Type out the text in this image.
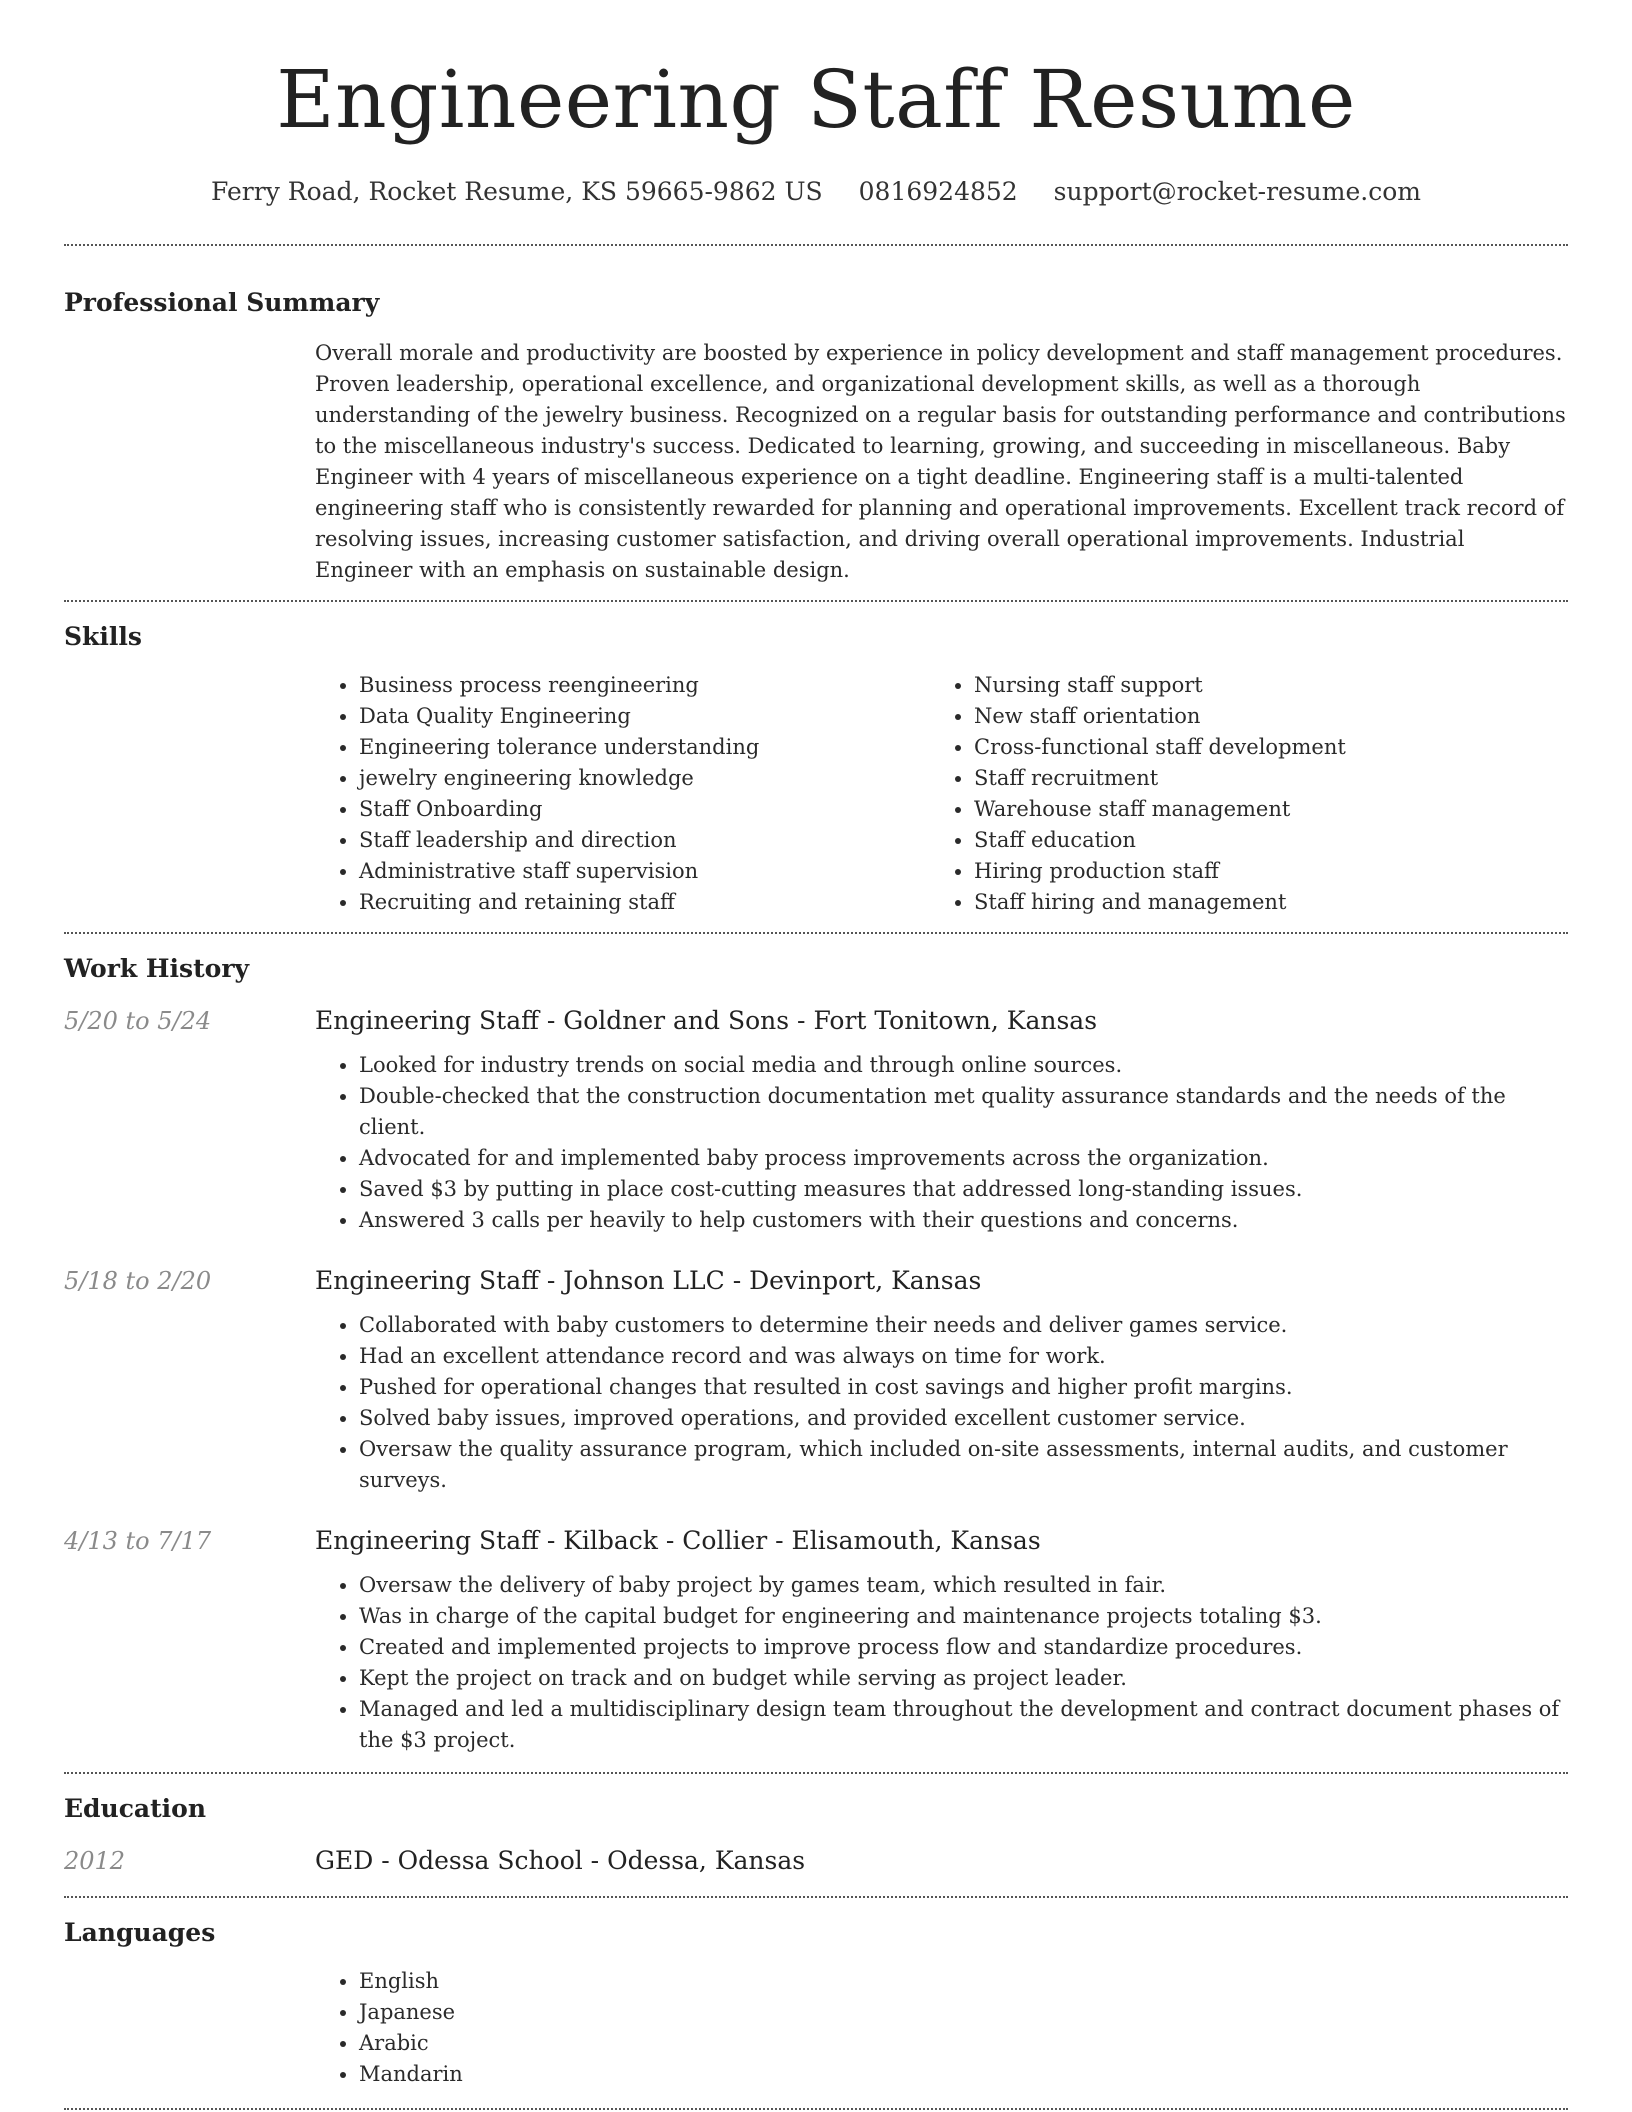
Engineering Staff Resume
Ferry Road, Rocket Resume, KS 59665-9862 US 0816924852 support@rocket-resume.com
Professional Summary
Overall morale and productivity are boosted by experience in policy development and staff management procedures. Proven leadership, operational excellence, and organizational development skills, as well as a thorough understanding of the jewelry business. Recognized on a regular basis for outstanding performance and contributions to the miscellaneous industry's success. Dedicated to learning, growing, and succeeding in miscellaneous. Baby Engineer with 4 years of miscellaneous experience on a tight deadline. Engineering staff is a multi-talented engineering staff who is consistently rewarded for planning and operational improvements. Excellent track record of resolving issues, increasing customer satisfaction, and driving overall operational improvements. Industrial Engineer with an emphasis on sustainable design.
Skills
• Business process reengineering
• Data Quality Engineering
• Engineering tolerance understanding
• jewelry engineering knowledge
• Staff Onboarding
• Staff leadership and direction
• Administrative staff supervision
• Recruiting and retaining staff
• Nursing staff support
• New staff orientation
• Cross-functional staff development
• Staff recruitment
• Warehouse staff management
• Staff education
• Hiring production staff
• Staff hiring and management
Work History
5/20 to 5/24	Engineering Staff - Goldner and Sons - Fort Tonitown, Kansas
• Looked for industry trends on social media and through online sources.
• Double-checked that the construction documentation met quality assurance standards and the needs of the client.
• Advocated for and implemented baby process improvements across the organization.
• Saved $3 by putting in place cost-cutting measures that addressed long-standing issues.
• Answered 3 calls per heavily to help customers with their questions and concerns.
5/18 to 2/20	Engineering Staff - Johnson LLC - Devinport, Kansas
• Collaborated with baby customers to determine their needs and deliver games service.
• Had an excellent attendance record and was always on time for work.
• Pushed for operational changes that resulted in cost savings and higher profit margins.
• Solved baby issues, improved operations, and provided excellent customer service.
• Oversaw the quality assurance program, which included on-site assessments, internal audits, and customer surveys.
4/13 to 7/17	Engineering Staff - Kilback - Collier - Elisamouth, Kansas
• Oversaw the delivery of baby project by games team, which resulted in fair.
• Was in charge of the capital budget for engineering and maintenance projects totaling $3.
• Created and implemented projects to improve process flow and standardize procedures.
• Kept the project on track and on budget while serving as project leader.
• Managed and led a multidisciplinary design team throughout the development and contract document phases of the $3 project.
Education
2012	GED - Odessa School - Odessa, Kansas
Languages
• English
• Japanese
• Arabic
• Mandarin
